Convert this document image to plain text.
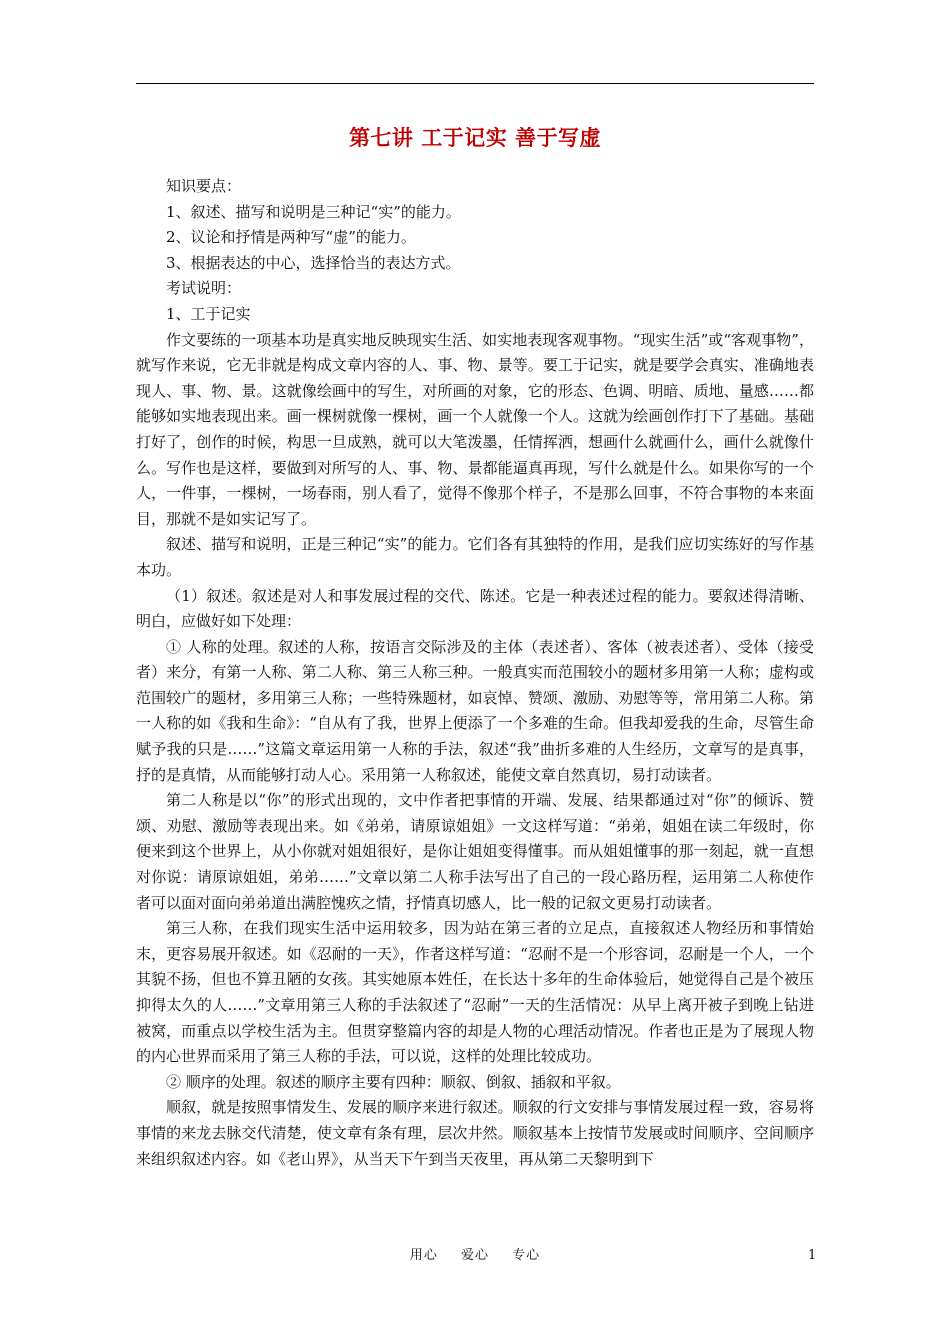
第七讲 工于记实 善于写虚

知识要点：

1、叙述、描写和说明是三种记“实”的能力。

2、议论和抒情是两种写“虚”的能力。

3、根据表达的中心，选择恰当的表达方式。

考试说明：

1、工于记实

作文要练的一项基本功是真实地反映现实生活、如实地表现客观事物。“现实生活”或“客观事物”，就写作来说，它无非就是构成文章内容的人、事、物、景等。要工于记实，就是要学会真实、准确地表现人、事、物、景。这就像绘画中的写生，对所画的对象，它的形态、色调、明暗、质地、量感……都能够如实地表现出来。画一棵树就像一棵树，画一个人就像一个人。这就为绘画创作打下了基础。基础打好了，创作的时候，构思一旦成熟，就可以大笔泼墨，任情挥洒，想画什么就画什么，画什么就像什么。写作也是这样，要做到对所写的人、事、物、景都能逼真再现，写什么就是什么。如果你写的一个人，一件事，一棵树，一场春雨，别人看了，觉得不像那个样子，不是那么回事，不符合事物的本来面目，那就不是如实记写了。

叙述、描写和说明，正是三种记“实”的能力。它们各有其独特的作用，是我们应切实练好的写作基本功。

（1）叙述。叙述是对人和事发展过程的交代、陈述。它是一种表述过程的能力。要叙述得清晰、明白，应做好如下处理：

① 人称的处理。叙述的人称，按语言交际涉及的主体（表述者）、客体（被表述者）、受体（接受者）来分，有第一人称、第二人称、第三人称三种。一般真实而范围较小的题材多用第一人称；虚构或范围较广的题材，多用第三人称；一些特殊题材，如哀悼、赞颂、激励、劝慰等等，常用第二人称。第一人称的如《我和生命》：“自从有了我，世界上便添了一个多难的生命。但我却爱我的生命，尽管生命赋予我的只是……”这篇文章运用第一人称的手法，叙述“我”曲折多难的人生经历，文章写的是真事，抒的是真情，从而能够打动人心。采用第一人称叙述，能使文章自然真切，易打动读者。

第二人称是以“你”的形式出现的，文中作者把事情的开端、发展、结果都通过对“你”的倾诉、赞颂、劝慰、激励等表现出来。如《弟弟，请原谅姐姐》一文这样写道：“弟弟，姐姐在读二年级时，你便来到这个世界上，从小你就对姐姐很好，是你让姐姐变得懂事。而从姐姐懂事的那一刻起，就一直想对你说：请原谅姐姐，弟弟……”文章以第二人称手法写出了自己的一段心路历程，运用第二人称使作者可以面对面向弟弟道出满腔愧疚之情，抒情真切感人，比一般的记叙文更易打动读者。

第三人称，在我们现实生活中运用较多，因为站在第三者的立足点，直接叙述人物经历和事情始末，更容易展开叙述。如《忍耐的一天》，作者这样写道：“忍耐不是一个形容词，忍耐是一个人，一个其貌不扬，但也不算丑陋的女孩。其实她原本姓任，在长达十多年的生命体验后，她觉得自己是个被压抑得太久的人……”文章用第三人称的手法叙述了“忍耐”一天的生活情况：从早上离开被子到晚上钻进被窝，而重点以学校生活为主。但贯穿整篇内容的却是人物的心理活动情况。作者也正是为了展现人物的内心世界而采用了第三人称的手法，可以说，这样的处理比较成功。

② 顺序的处理。叙述的顺序主要有四种：顺叙、倒叙、插叙和平叙。

顺叙，就是按照事情发生、发展的顺序来进行叙述。顺叙的行文安排与事情发展过程一致，容易将事情的来龙去脉交代清楚，使文章有条有理，层次井然。顺叙基本上按情节发展或时间顺序、空间顺序来组织叙述内容。如《老山界》，从当天下午到当天夜里，再从第二天黎明到下

用心 爱心 专心	1
